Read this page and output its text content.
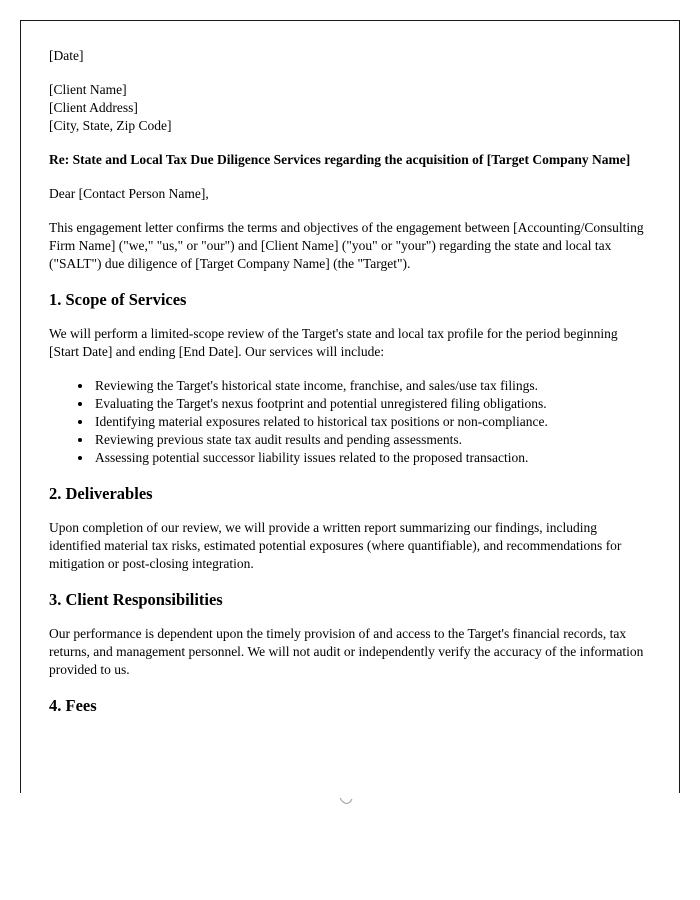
[Date]

[Client Name]
[Client Address]
[City, State, Zip Code]

Re: State and Local Tax Due Diligence Services regarding the acquisition of [Target Company Name]

Dear [Contact Person Name],

This engagement letter confirms the terms and objectives of the engagement between [Accounting/Consulting Firm Name] ("we," "us," or "our") and [Client Name] ("you" or "your") regarding the state and local tax ("SALT") due diligence of [Target Company Name] (the "Target").

1. Scope of Services

We will perform a limited-scope review of the Target's state and local tax profile for the period beginning [Start Date] and ending [End Date]. Our services will include:

• Reviewing the Target's historical state income, franchise, and sales/use tax filings.
• Evaluating the Target's nexus footprint and potential unregistered filing obligations.
• Identifying material exposures related to historical tax positions or non-compliance.
• Reviewing previous state tax audit results and pending assessments.
• Assessing potential successor liability issues related to the proposed transaction.
2. Deliverables

Upon completion of our review, we will provide a written report summarizing our findings, including identified material tax risks, estimated potential exposures (where quantifiable), and recommendations for mitigation or post-closing integration.

3. Client Responsibilities

Our performance is dependent upon the timely provision of and access to the Target's financial records, tax returns, and management personnel. We will not audit or independently verify the accuracy of the information provided to us.

4. Fees
